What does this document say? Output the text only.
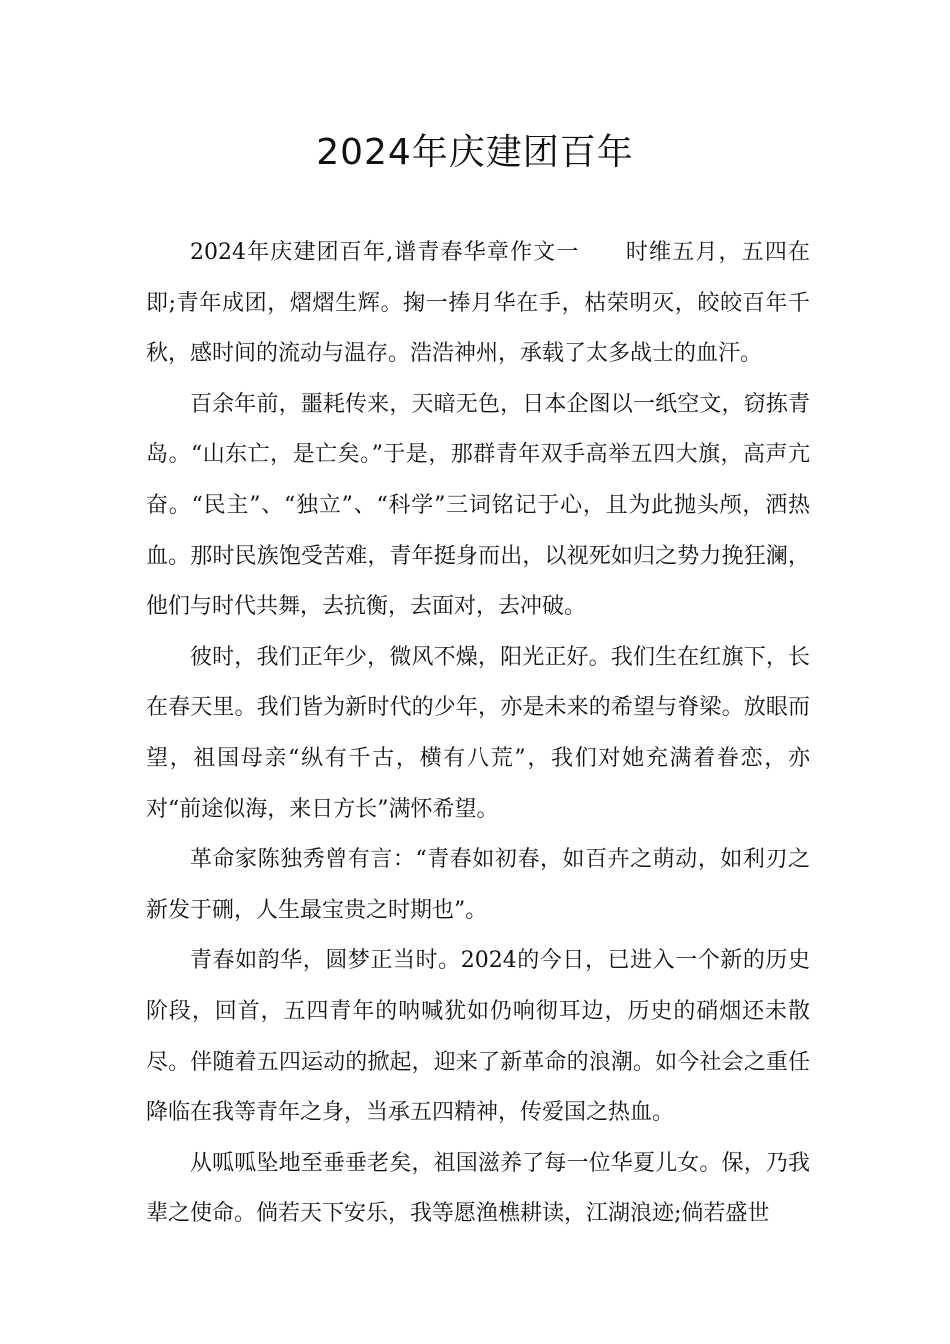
2024年庆建团百年

2024年庆建团百年,谱青春华章作文一　　时维五月，五四在即;青年成团，熠熠生辉。掬一捧月华在手，枯荣明灭，皎皎百年千秋，感时间的流动与温存。浩浩神州，承载了太多战士的血汗。

百余年前，噩耗传来，天暗无色，日本企图以一纸空文，窃拣青岛。“山东亡，是亡矣。”于是，那群青年双手高举五四大旗，高声亢奋。“民主”、“独立”、“科学”三词铭记于心，且为此抛头颅，洒热血。那时民族饱受苦难，青年挺身而出，以视死如归之势力挽狂澜，他们与时代共舞，去抗衡，去面对，去冲破。

彼时，我们正年少，微风不燥，阳光正好。我们生在红旗下，长在春天里。我们皆为新时代的少年，亦是未来的希望与脊梁。放眼而望，祖国母亲“纵有千古，横有八荒”，我们对她充满着眷恋，亦对“前途似海，来日方长”满怀希望。

革命家陈独秀曾有言：“青春如初春，如百卉之萌动，如利刃之新发于硎，人生最宝贵之时期也”。

青春如韵华，圆梦正当时。2024的今日，已进入一个新的历史阶段，回首，五四青年的呐喊犹如仍响彻耳边，历史的硝烟还未散尽。伴随着五四运动的掀起，迎来了新革命的浪潮。如今社会之重任降临在我等青年之身，当承五四精神，传爱国之热血。

从呱呱坠地至垂垂老矣，祖国滋养了每一位华夏儿女。保，乃我辈之使命。倘若天下安乐，我等愿渔樵耕读，江湖浪迹;倘若盛世
